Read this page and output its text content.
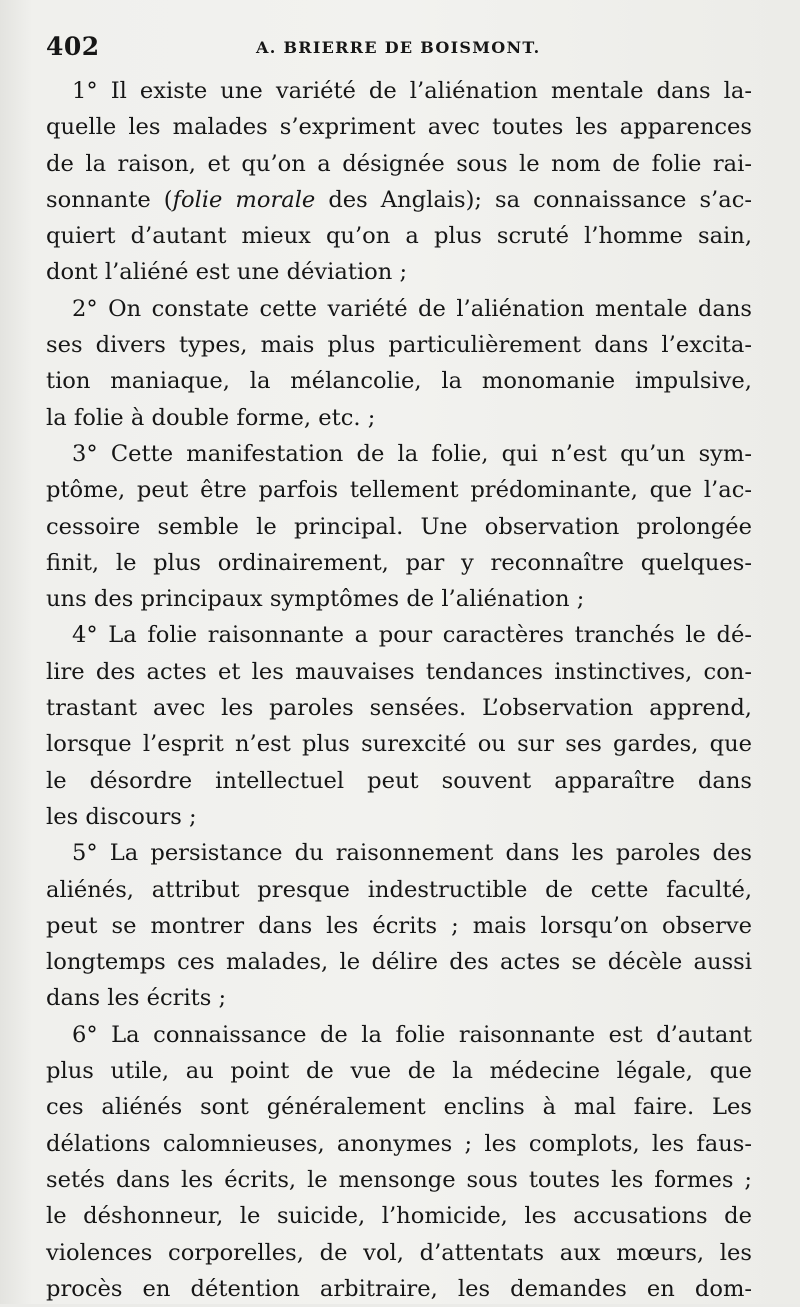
402	A. BRIERRE DE BOISMONT.
1° Il existe une variété de l’aliénation mentale dans la-
quelle les malades s’expriment avec toutes les apparences
de la raison, et qu’on a désignée sous le nom de folie rai-
sonnante (folie morale des Anglais); sa connaissance s’ac-
quiert d’autant mieux qu’on a plus scruté l’homme sain,
dont l’aliéné est une déviation ;
2° On constate cette variété de l’aliénation mentale dans
ses divers types, mais plus particulièrement dans l’excita-
tion maniaque, la mélancolie, la monomanie impulsive,
la folie à double forme, etc. ;
3° Cette manifestation de la folie, qui n’est qu’un sym-
ptôme, peut être parfois tellement prédominante, que l’ac-
cessoire semble le principal. Une observation prolongée
finit, le plus ordinairement, par y reconnaître quelques-
uns des principaux symptômes de l’aliénation ;
4° La folie raisonnante a pour caractères tranchés le dé-
lire des actes et les mauvaises tendances instinctives, con-
trastant avec les paroles sensées. L’observation apprend,
lorsque l’esprit n’est plus surexcité ou sur ses gardes, que
le désordre intellectuel peut souvent apparaître dans
les discours ;
5° La persistance du raisonnement dans les paroles des
aliénés, attribut presque indestructible de cette faculté,
peut se montrer dans les écrits ; mais lorsqu’on observe
longtemps ces malades, le délire des actes se décèle aussi
dans les écrits ;
6° La connaissance de la folie raisonnante est d’autant
plus utile, au point de vue de la médecine légale, que
ces aliénés sont généralement enclins à mal faire. Les
délations calomnieuses, anonymes ; les complots, les faus-
setés dans les écrits, le mensonge sous toutes les formes ;
le déshonneur, le suicide, l’homicide, les accusations de
violences corporelles, de vol, d’attentats aux mœurs, les
procès en détention arbitraire, les demandes en dom-
